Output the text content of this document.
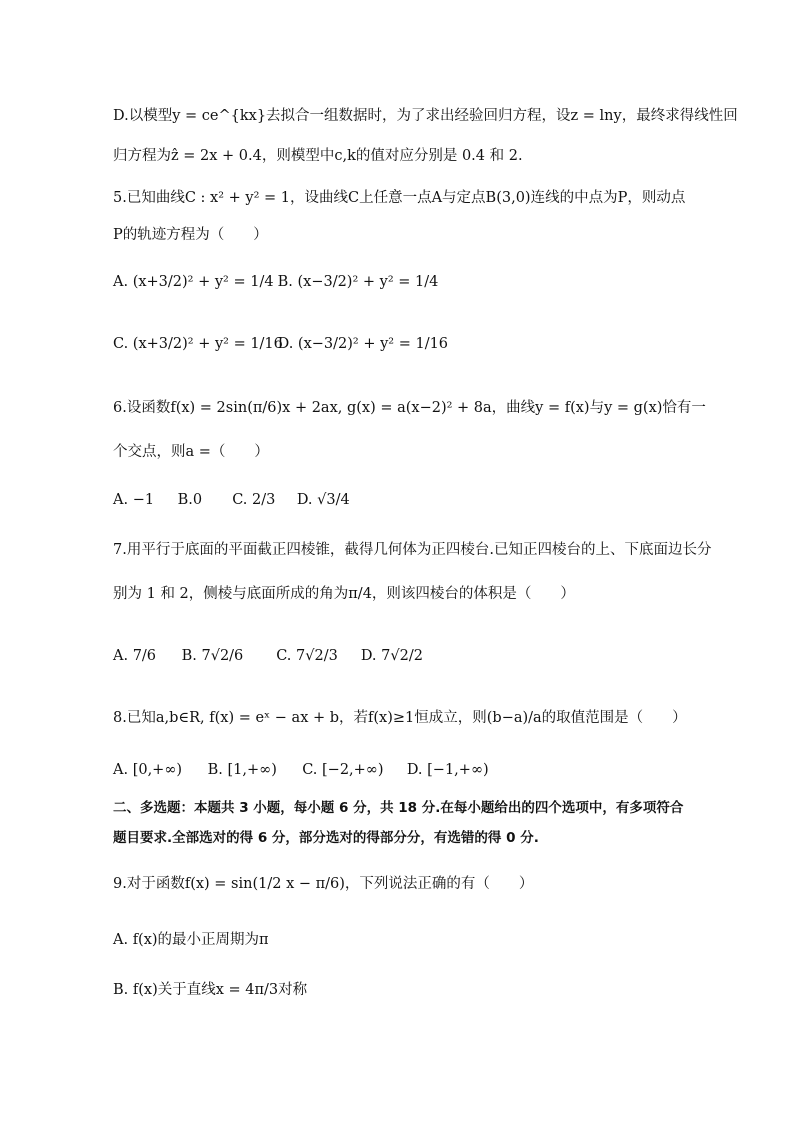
D.以模型y = ce^{kx}去拟合一组数据时，为了求出经验回归方程，设z = lny，最终求得线性回
归方程为ẑ = 2x + 0.4，则模型中c,k的值对应分别是 0.4 和 2.
5.已知曲线C : x² + y² = 1，设曲线C上任意一点A与定点B(3,0)连线的中点为P，则动点
P的轨迹方程为（　　）
A. (x+3/2)² + y² = 1/4 B. (x−3/2)² + y² = 1/4
C. (x+3/2)² + y² = 1/16 D. (x−3/2)² + y² = 1/16
6.设函数f(x) = 2sin(π/6)x + 2ax, g(x) = a(x−2)² + 8a，曲线y = f(x)与y = g(x)恰有一
个交点，则a =（　　）
A. −1 B.0 C. 2/3 D. √3/4
7.用平行于底面的平面截正四棱锥，截得几何体为正四棱台.已知正四棱台的上、下底面边长分
别为 1 和 2，侧棱与底面所成的角为π/4，则该四棱台的体积是（　　）
A. 7/6 B. 7√2/6 C. 7√2/3 D. 7√2/2
8.已知a,b∈R, f(x) = eˣ − ax + b，若f(x)≥1恒成立，则(b−a)/a的取值范围是（　　）
A. [0,+∞) B. [1,+∞) C. [−2,+∞) D. [−1,+∞)
二、多选题：本题共 3 小题，每小题 6 分，共 18 分.在每小题给出的四个选项中，有多项符合
题目要求.全部选对的得 6 分，部分选对的得部分分，有选错的得 0 分.
9.对于函数f(x) = sin(1/2 x − π/6)，下列说法正确的有（　　）
A. f(x)的最小正周期为π
B. f(x)关于直线x = 4π/3对称
